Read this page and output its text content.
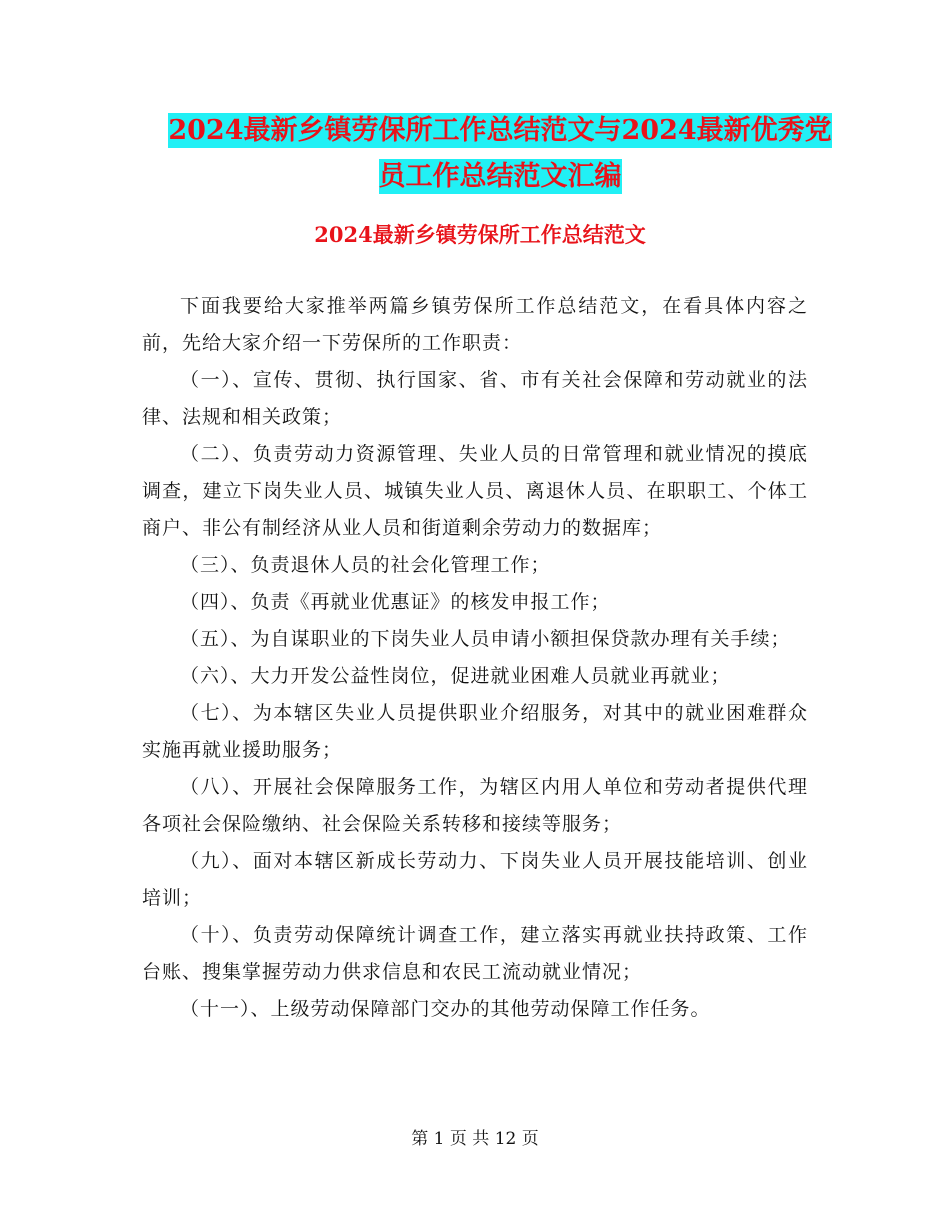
2024最新乡镇劳保所工作总结范文与2024最新优秀党
员工作总结范文汇编
2024最新乡镇劳保所工作总结范文

下面我要给大家推举两篇乡镇劳保所工作总结范文，在看具体内容之前，先给大家介绍一下劳保所的工作职责：

（一）、宣传、贯彻、执行国家、省、市有关社会保障和劳动就业的法律、法规和相关政策；

（二）、负责劳动力资源管理、失业人员的日常管理和就业情况的摸底调查，建立下岗失业人员、城镇失业人员、离退休人员、在职职工、个体工商户、非公有制经济从业人员和街道剩余劳动力的数据库；

（三）、负责退休人员的社会化管理工作；

（四）、负责《再就业优惠证》的核发申报工作；

（五）、为自谋职业的下岗失业人员申请小额担保贷款办理有关手续；

（六）、大力开发公益性岗位，促进就业困难人员就业再就业；

（七）、为本辖区失业人员提供职业介绍服务，对其中的就业困难群众实施再就业援助服务；

（八）、开展社会保障服务工作，为辖区内用人单位和劳动者提供代理各项社会保险缴纳、社会保险关系转移和接续等服务；

（九）、面对本辖区新成长劳动力、下岗失业人员开展技能培训、创业培训；

（十）、负责劳动保障统计调查工作，建立落实再就业扶持政策、工作台账、搜集掌握劳动力供求信息和农民工流动就业情况；

（十一）、上级劳动保障部门交办的其他劳动保障工作任务。

第 1 页 共 12 页
